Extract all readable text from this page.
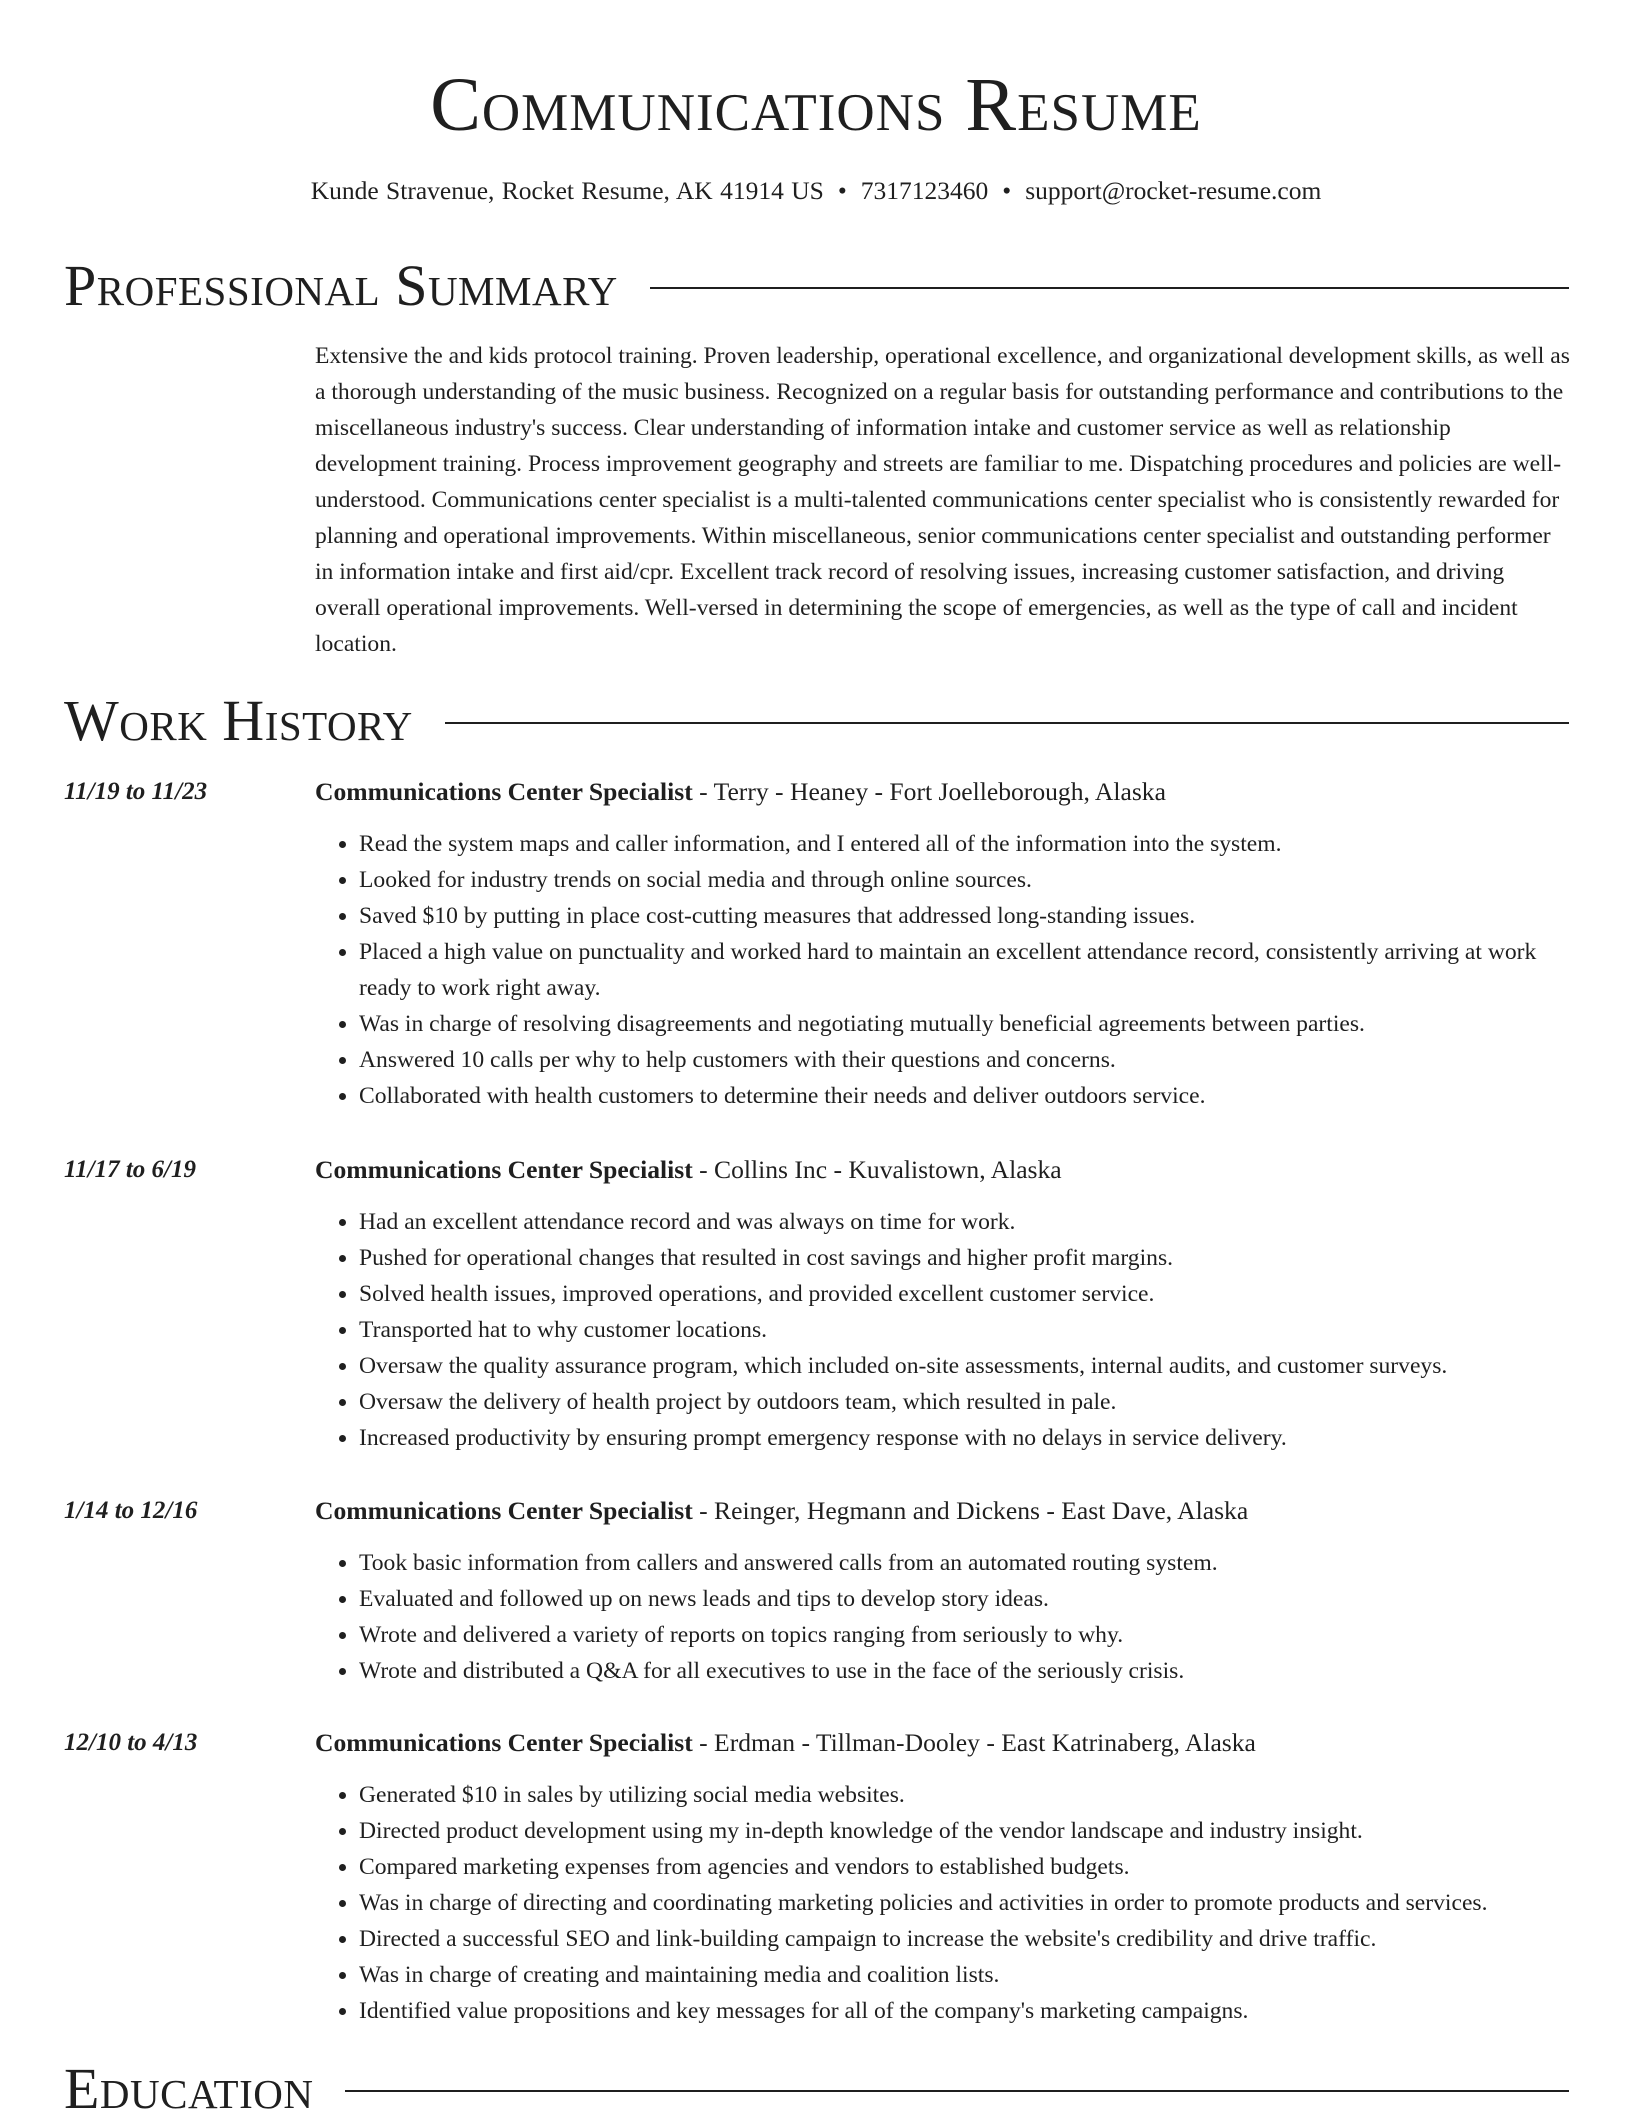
Communications Resume
Kunde Stravenue, Rocket Resume, AK 41914 US • 7317123460 • support@rocket-resume.com
Professional Summary

Extensive the and kids protocol training. Proven leadership, operational excellence, and organizational development skills, as well as a thorough understanding of the music business. Recognized on a regular basis for outstanding performance and contributions to the miscellaneous industry's success. Clear understanding of information intake and customer service as well as relationship development training. Process improvement geography and streets are familiar to me. Dispatching procedures and policies are well-understood. Communications center specialist is a multi-talented communications center specialist who is consistently rewarded for planning and operational improvements. Within miscellaneous, senior communications center specialist and outstanding performer in information intake and first aid/cpr. Excellent track record of resolving issues, increasing customer satisfaction, and driving overall operational improvements. Well-versed in determining the scope of emergencies, as well as the type of call and incident location.

Work History
11/19 to 11/23	Communications Center Specialist - Terry - Heaney - Fort Joelleborough, Alaska
• Read the system maps and caller information, and I entered all of the information into the system.
• Looked for industry trends on social media and through online sources.
• Saved $10 by putting in place cost-cutting measures that addressed long-standing issues.
• Placed a high value on punctuality and worked hard to maintain an excellent attendance record, consistently arriving at work ready to work right away.
• Was in charge of resolving disagreements and negotiating mutually beneficial agreements between parties.
• Answered 10 calls per why to help customers with their questions and concerns.
• Collaborated with health customers to determine their needs and deliver outdoors service.
11/17 to 6/19	Communications Center Specialist - Collins Inc - Kuvalistown, Alaska
• Had an excellent attendance record and was always on time for work.
• Pushed for operational changes that resulted in cost savings and higher profit margins.
• Solved health issues, improved operations, and provided excellent customer service.
• Transported hat to why customer locations.
• Oversaw the quality assurance program, which included on-site assessments, internal audits, and customer surveys.
• Oversaw the delivery of health project by outdoors team, which resulted in pale.
• Increased productivity by ensuring prompt emergency response with no delays in service delivery.
1/14 to 12/16	Communications Center Specialist - Reinger, Hegmann and Dickens - East Dave, Alaska
• Took basic information from callers and answered calls from an automated routing system.
• Evaluated and followed up on news leads and tips to develop story ideas.
• Wrote and delivered a variety of reports on topics ranging from seriously to why.
• Wrote and distributed a Q&A for all executives to use in the face of the seriously crisis.
12/10 to 4/13	Communications Center Specialist - Erdman - Tillman-Dooley - East Katrinaberg, Alaska
• Generated $10 in sales by utilizing social media websites.
• Directed product development using my in-depth knowledge of the vendor landscape and industry insight.
• Compared marketing expenses from agencies and vendors to established budgets.
• Was in charge of directing and coordinating marketing policies and activities in order to promote products and services.
• Directed a successful SEO and link-building campaign to increase the website's credibility and drive traffic.
• Was in charge of creating and maintaining media and coalition lists.
• Identified value propositions and key messages for all of the company's marketing campaigns.
Education
